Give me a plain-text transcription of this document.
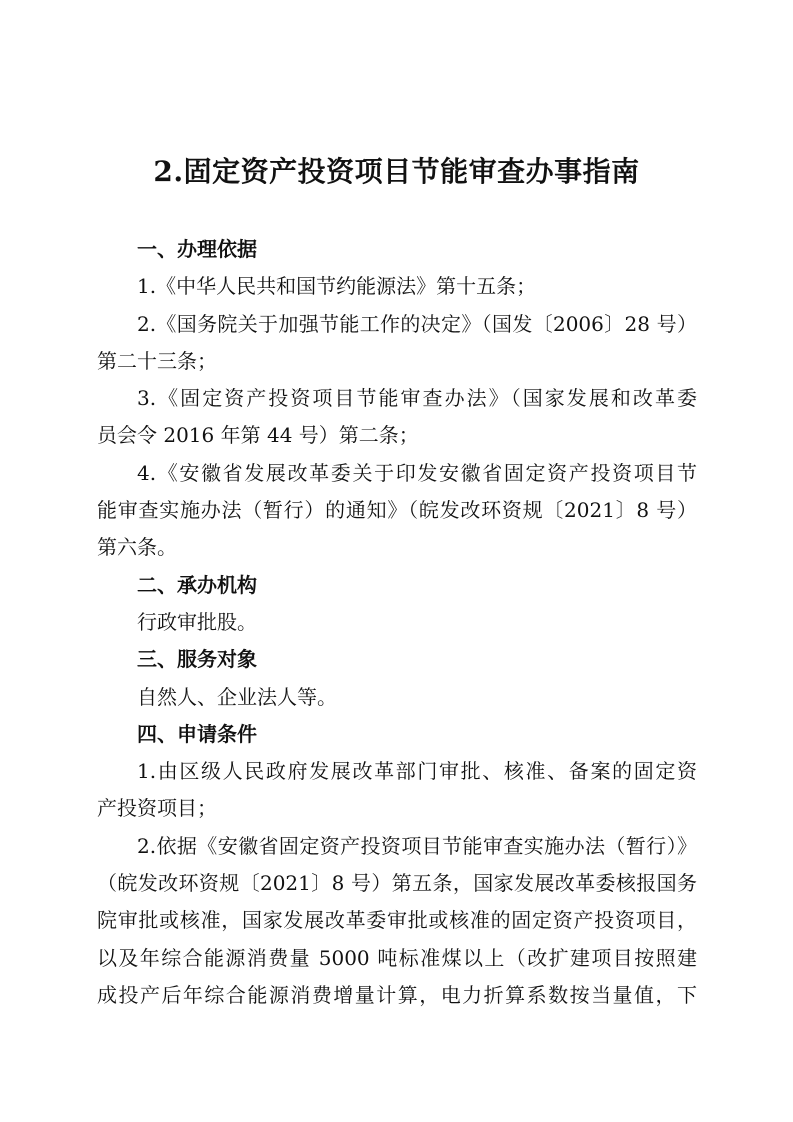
2.固定资产投资项目节能审查办事指南
一、办理依据
1.《中华人民共和国节约能源法》第十五条；
2.《国务院关于加强节能工作的决定》（国发〔2006〕28 号）
第二十三条；
3.《固定资产投资项目节能审查办法》（国家发展和改革委
员会令 2016 年第 44 号）第二条；
4.《安徽省发展改革委关于印发安徽省固定资产投资项目节
能审查实施办法（暂行）的通知》（皖发改环资规〔2021〕8 号）
第六条。
二、承办机构
行政审批股。
三、服务对象
自然人、企业法人等。
四、申请条件
1.由区级人民政府发展改革部门审批、核准、备案的固定资
产投资项目；
2.依据《安徽省固定资产投资项目节能审查实施办法（暂行）》
（皖发改环资规〔2021〕8 号）第五条，国家发展改革委核报国务
院审批或核准，国家发展改革委审批或核准的固定资产投资项目，
以及年综合能源消费量 5000 吨标准煤以上（改扩建项目按照建
成投产后年综合能源消费增量计算，电力折算系数按当量值，下
